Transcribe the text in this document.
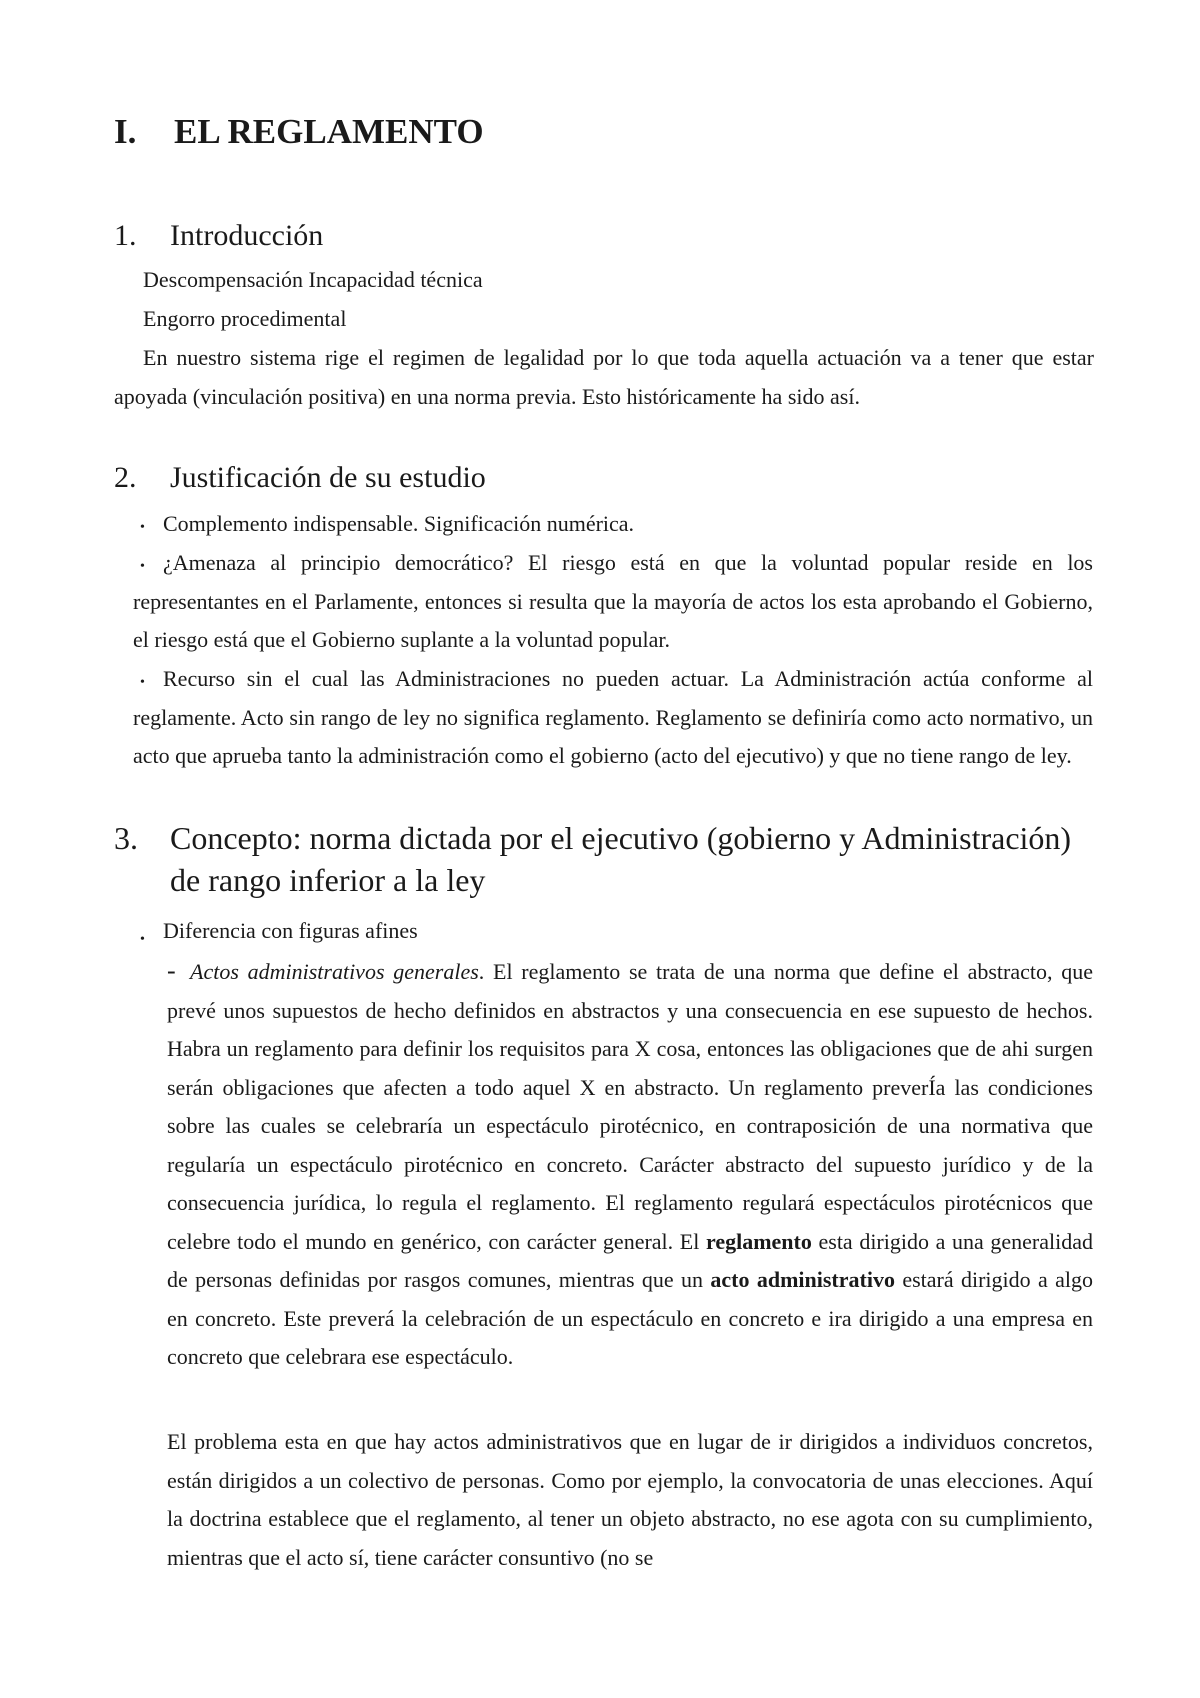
I. EL REGLAMENTO
1. Introducción

Descompensación Incapacidad técnica

Engorro procedimental

En nuestro sistema rige el regimen de legalidad por lo que toda aquella actuación va a tener que estar apoyada (vinculación positiva) en una norma previa. Esto históricamente ha sido así.

2. Justificación de su estudio
• Complemento indispensable. Significación numérica.

• ¿Amenaza al principio democrático? El riesgo está en que la voluntad popular reside en los representantes en el Parlamente, entonces si resulta que la mayoría de actos los esta aprobando el Gobierno, el riesgo está que el Gobierno suplante a la voluntad popular.

• Recurso sin el cual las Administraciones no pueden actuar. La Administración actúa conforme al reglamente. Acto sin rango de ley no significa reglamento. Reglamento se definiría como acto normativo, un acto que aprueba tanto la administración como el gobierno (acto del ejecutivo) y que no tiene rango de ley.

3. Concepto: norma dictada por el ejecutivo (gobierno y Administración)
de rango inferior a la ley
• Diferencia con figuras afines

- Actos administrativos generales. El reglamento se trata de una norma que define el abstracto, que prevé unos supuestos de hecho definidos en abstractos y una consecuencia en ese supuesto de hechos. Habra un reglamento para definir los requisitos para X cosa, entonces las obligaciones que de ahi surgen serán obligaciones que afecten a todo aquel X en abstracto. Un reglamento preverÍa las condiciones sobre las cuales se celebraría un espectáculo pirotécnico, en contraposición de una normativa que regularía un espectáculo pirotécnico en concreto. Carácter abstracto del supuesto jurídico y de la consecuencia jurídica, lo regula el reglamento. El reglamento regulará espectáculos pirotécnicos que celebre todo el mundo en genérico, con carácter general. El reglamento esta dirigido a una generalidad de personas definidas por rasgos comunes, mientras que un acto administrativo estará dirigido a algo en concreto. Este preverá la celebración de un espectáculo en concreto e ira dirigido a una empresa en concreto que celebrara ese espectáculo.

El problema esta en que hay actos administrativos que en lugar de ir dirigidos a individuos concretos, están dirigidos a un colectivo de personas. Como por ejemplo, la convocatoria de unas elecciones. Aquí la doctrina establece que el reglamento, al tener un objeto abstracto, no ese agota con su cumplimiento, mientras que el acto sí, tiene carácter consuntivo (no se
